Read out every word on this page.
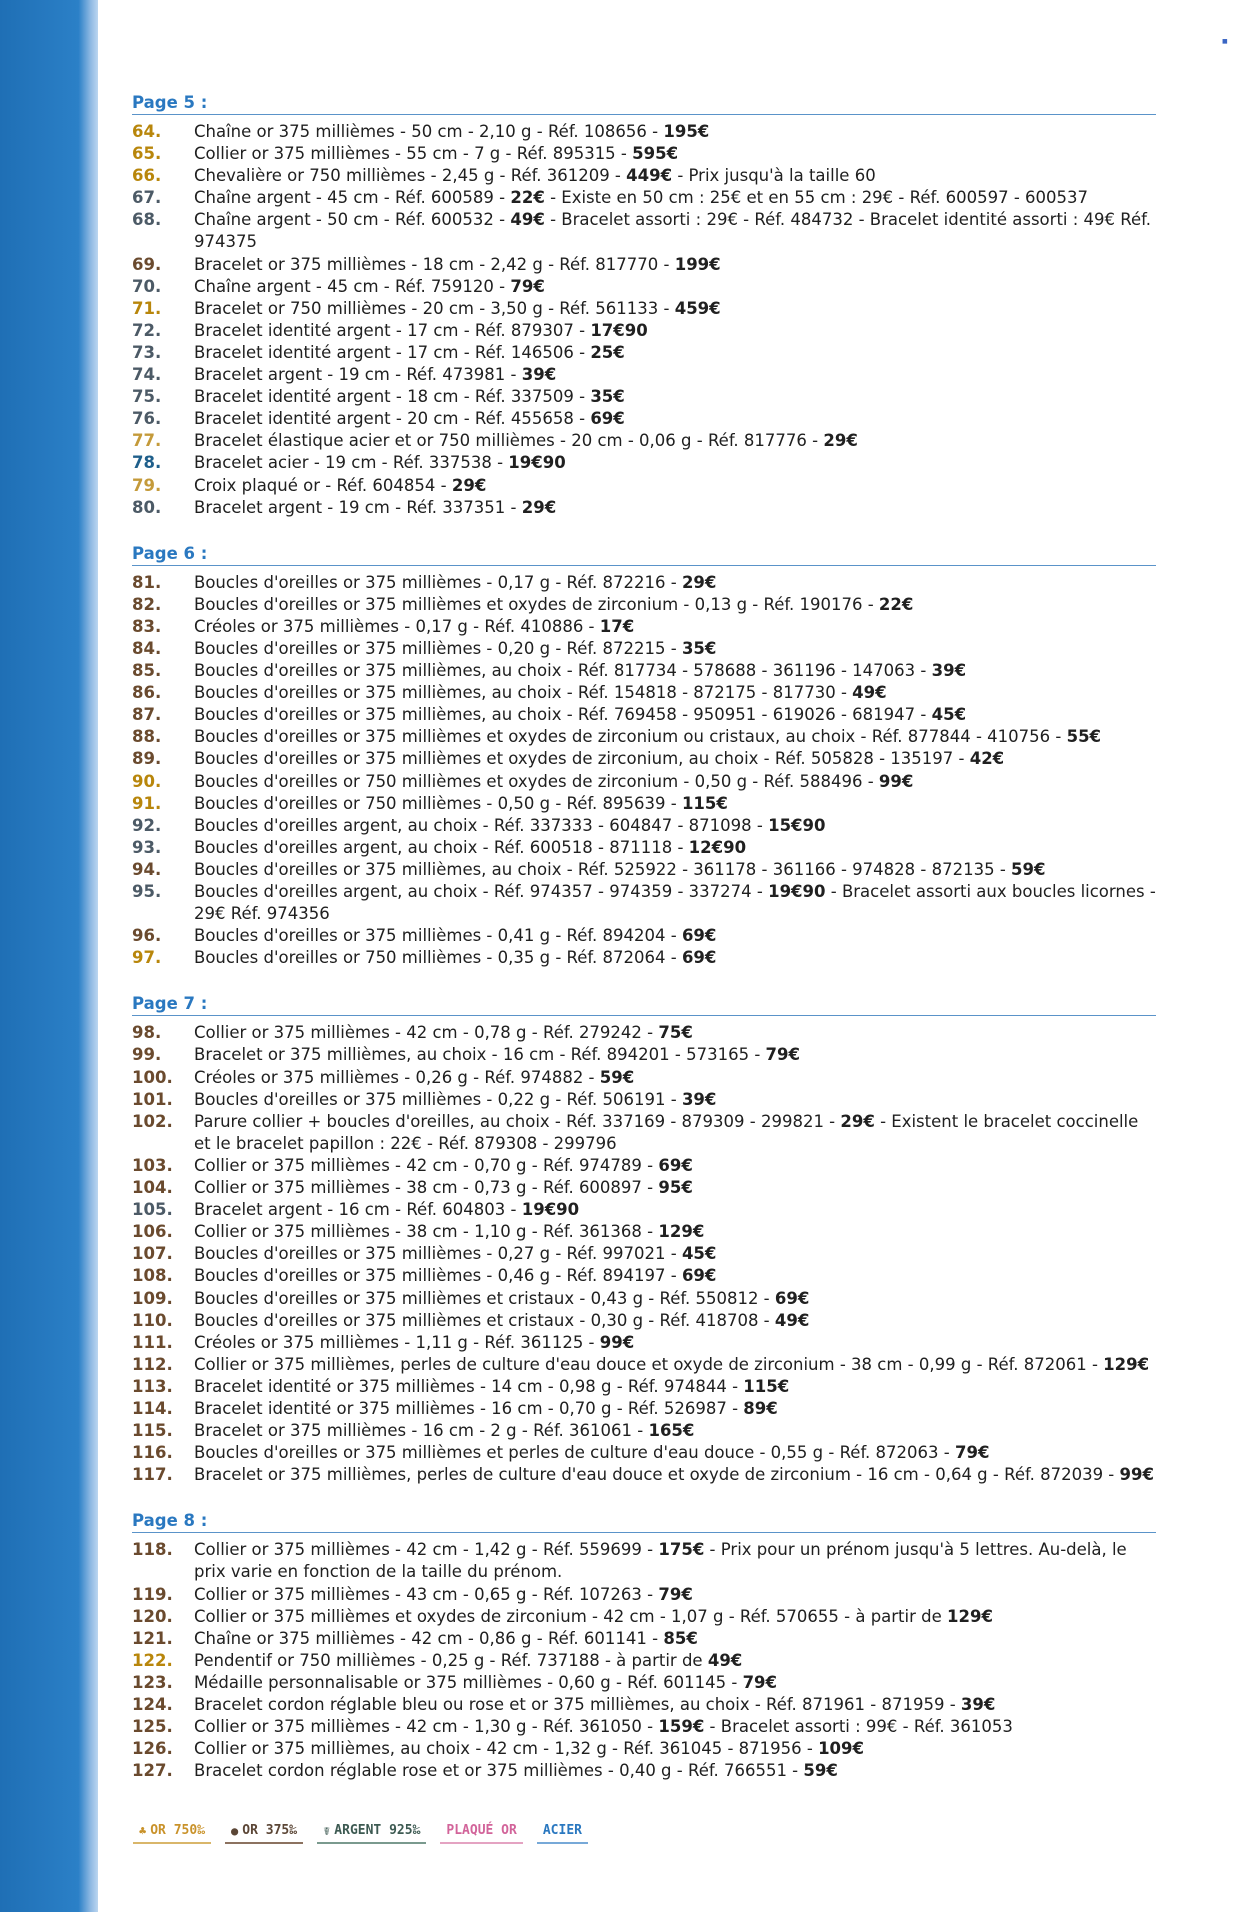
■
Page 5 :
64.	Chaîne or 375 millièmes - 50 cm - 2,10 g - Réf. 108656 - 195€
65.	Collier or 375 millièmes - 55 cm - 7 g - Réf. 895315 - 595€
66.	Chevalière or 750 millièmes - 2,45 g - Réf. 361209 - 449€ - Prix jusqu'à la taille 60
67.	Chaîne argent - 45 cm - Réf. 600589 - 22€ - Existe en 50 cm : 25€ et en 55 cm : 29€ - Réf. 600597 - 600537
68.	Chaîne argent - 50 cm - Réf. 600532 - 49€ - Bracelet assorti : 29€ - Réf. 484732 - Bracelet identité assorti : 49€ Réf. 974375
69.	Bracelet or 375 millièmes - 18 cm - 2,42 g - Réf. 817770 - 199€
70.	Chaîne argent - 45 cm - Réf. 759120 - 79€
71.	Bracelet or 750 millièmes - 20 cm - 3,50 g - Réf. 561133 - 459€
72.	Bracelet identité argent - 17 cm - Réf. 879307 - 17€90
73.	Bracelet identité argent - 17 cm - Réf. 146506 - 25€
74.	Bracelet argent - 19 cm - Réf. 473981 - 39€
75.	Bracelet identité argent - 18 cm - Réf. 337509 - 35€
76.	Bracelet identité argent - 20 cm - Réf. 455658 - 69€
77.	Bracelet élastique acier et or 750 millièmes - 20 cm - 0,06 g - Réf. 817776 - 29€
78.	Bracelet acier - 19 cm - Réf. 337538 - 19€90
79.	Croix plaqué or - Réf. 604854 - 29€
80.	Bracelet argent - 19 cm - Réf. 337351 - 29€
Page 6 :
81.	Boucles d'oreilles or 375 millièmes - 0,17 g - Réf. 872216 - 29€
82.	Boucles d'oreilles or 375 millièmes et oxydes de zirconium - 0,13 g - Réf. 190176 - 22€
83.	Créoles or 375 millièmes - 0,17 g - Réf. 410886 - 17€
84.	Boucles d'oreilles or 375 millièmes - 0,20 g - Réf. 872215 - 35€
85.	Boucles d'oreilles or 375 millièmes, au choix - Réf. 817734 - 578688 - 361196 - 147063 - 39€
86.	Boucles d'oreilles or 375 millièmes, au choix - Réf. 154818 - 872175 - 817730 - 49€
87.	Boucles d'oreilles or 375 millièmes, au choix - Réf. 769458 - 950951 - 619026 - 681947 - 45€
88.	Boucles d'oreilles or 375 millièmes et oxydes de zirconium ou cristaux, au choix - Réf. 877844 - 410756 - 55€
89.	Boucles d'oreilles or 375 millièmes et oxydes de zirconium, au choix - Réf. 505828 - 135197 - 42€
90.	Boucles d'oreilles or 750 millièmes et oxydes de zirconium - 0,50 g - Réf. 588496 - 99€
91.	Boucles d'oreilles or 750 millièmes - 0,50 g - Réf. 895639 - 115€
92.	Boucles d'oreilles argent, au choix - Réf. 337333 - 604847 - 871098 - 15€90
93.	Boucles d'oreilles argent, au choix - Réf. 600518 - 871118 - 12€90
94.	Boucles d'oreilles or 375 millièmes, au choix - Réf. 525922 - 361178 - 361166 - 974828 - 872135 - 59€
95.	Boucles d'oreilles argent, au choix - Réf. 974357 - 974359 - 337274 - 19€90 - Bracelet assorti aux boucles licornes - 29€ Réf. 974356
96.	Boucles d'oreilles or 375 millièmes - 0,41 g - Réf. 894204 - 69€
97.	Boucles d'oreilles or 750 millièmes - 0,35 g - Réf. 872064 - 69€
Page 7 :
98.	Collier or 375 millièmes - 42 cm - 0,78 g - Réf. 279242 - 75€
99.	Bracelet or 375 millièmes, au choix - 16 cm - Réf. 894201 - 573165 - 79€
100.	Créoles or 375 millièmes - 0,26 g - Réf. 974882 - 59€
101.	Boucles d'oreilles or 375 millièmes - 0,22 g - Réf. 506191 - 39€
102.	Parure collier + boucles d'oreilles, au choix - Réf. 337169 - 879309 - 299821 - 29€ - Existent le bracelet coccinelle et le bracelet papillon : 22€ - Réf. 879308 - 299796
103.	Collier or 375 millièmes - 42 cm - 0,70 g - Réf. 974789 - 69€
104.	Collier or 375 millièmes - 38 cm - 0,73 g - Réf. 600897 - 95€
105.	Bracelet argent - 16 cm - Réf. 604803 - 19€90
106.	Collier or 375 millièmes - 38 cm - 1,10 g - Réf. 361368 - 129€
107.	Boucles d'oreilles or 375 millièmes - 0,27 g - Réf. 997021 - 45€
108.	Boucles d'oreilles or 375 millièmes - 0,46 g - Réf. 894197 - 69€
109.	Boucles d'oreilles or 375 millièmes et cristaux - 0,43 g - Réf. 550812 - 69€
110.	Boucles d'oreilles or 375 millièmes et cristaux - 0,30 g - Réf. 418708 - 49€
111.	Créoles or 375 millièmes - 1,11 g - Réf. 361125 - 99€
112.	Collier or 375 millièmes, perles de culture d'eau douce et oxyde de zirconium - 38 cm - 0,99 g - Réf. 872061 - 129€
113.	Bracelet identité or 375 millièmes - 14 cm - 0,98 g - Réf. 974844 - 115€
114.	Bracelet identité or 375 millièmes - 16 cm - 0,70 g - Réf. 526987 - 89€
115.	Bracelet or 375 millièmes - 16 cm - 2 g - Réf. 361061 - 165€
116.	Boucles d'oreilles or 375 millièmes et perles de culture d'eau douce - 0,55 g - Réf. 872063 - 79€
117.	Bracelet or 375 millièmes, perles de culture d'eau douce et oxyde de zirconium - 16 cm - 0,64 g - Réf. 872039 - 99€
Page 8 :
118.	Collier or 375 millièmes - 42 cm - 1,42 g - Réf. 559699 - 175€ - Prix pour un prénom jusqu'à 5 lettres. Au-delà, le prix varie en fonction de la taille du prénom.
119.	Collier or 375 millièmes - 43 cm - 0,65 g - Réf. 107263 - 79€
120.	Collier or 375 millièmes et oxydes de zirconium - 42 cm - 1,07 g - Réf. 570655 - à partir de 129€
121.	Chaîne or 375 millièmes - 42 cm - 0,86 g - Réf. 601141 - 85€
122.	Pendentif or 750 millièmes - 0,25 g - Réf. 737188 - à partir de 49€
123.	Médaille personnalisable or 375 millièmes - 0,60 g - Réf. 601145 - 79€
124.	Bracelet cordon réglable bleu ou rose et or 375 millièmes, au choix - Réf. 871961 - 871959 - 39€
125.	Collier or 375 millièmes - 42 cm - 1,30 g - Réf. 361050 - 159€ - Bracelet assorti : 99€ - Réf. 361053
126.	Collier or 375 millièmes, au choix - 42 cm - 1,32 g - Réf. 361045 - 871956 - 109€
127.	Bracelet cordon réglable rose et or 375 millièmes - 0,40 g - Réf. 766551 - 59€
♣ OR 750‰ ● OR 375‰ ☤ ARGENT 925‰ PLAQUÉ OR ACIER
